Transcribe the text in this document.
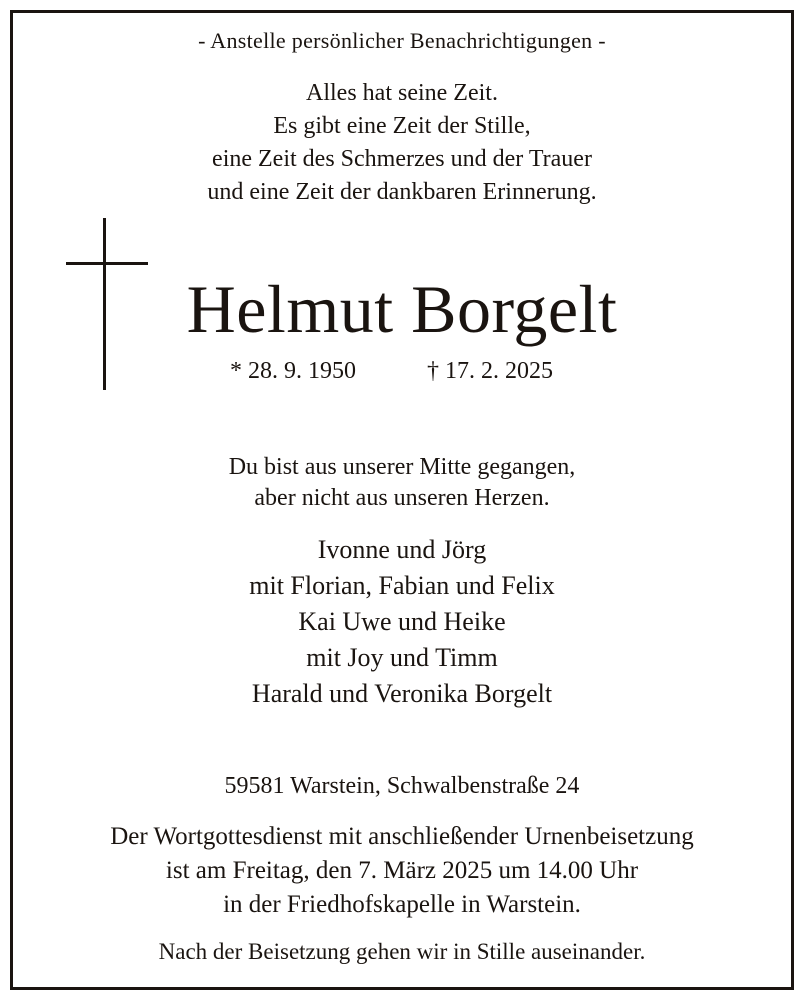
- Anstelle persönlicher Benachrichtigungen -
Alles hat seine Zeit.
Es gibt eine Zeit der Stille,
eine Zeit des Schmerzes und der Trauer
und eine Zeit der dankbaren Erinnerung.
Helmut Borgelt
* 28. 9. 1950	† 17. 2. 2025
Du bist aus unserer Mitte gegangen,
aber nicht aus unseren Herzen.
Ivonne und Jörg
mit Florian, Fabian und Felix
Kai Uwe und Heike
mit Joy und Timm
Harald und Veronika Borgelt
59581 Warstein, Schwalbenstraße 24
Der Wortgottesdienst mit anschließender Urnenbeisetzung
ist am Freitag, den 7. März 2025 um 14.00 Uhr
in der Friedhofskapelle in Warstein.
Nach der Beisetzung gehen wir in Stille auseinander.
